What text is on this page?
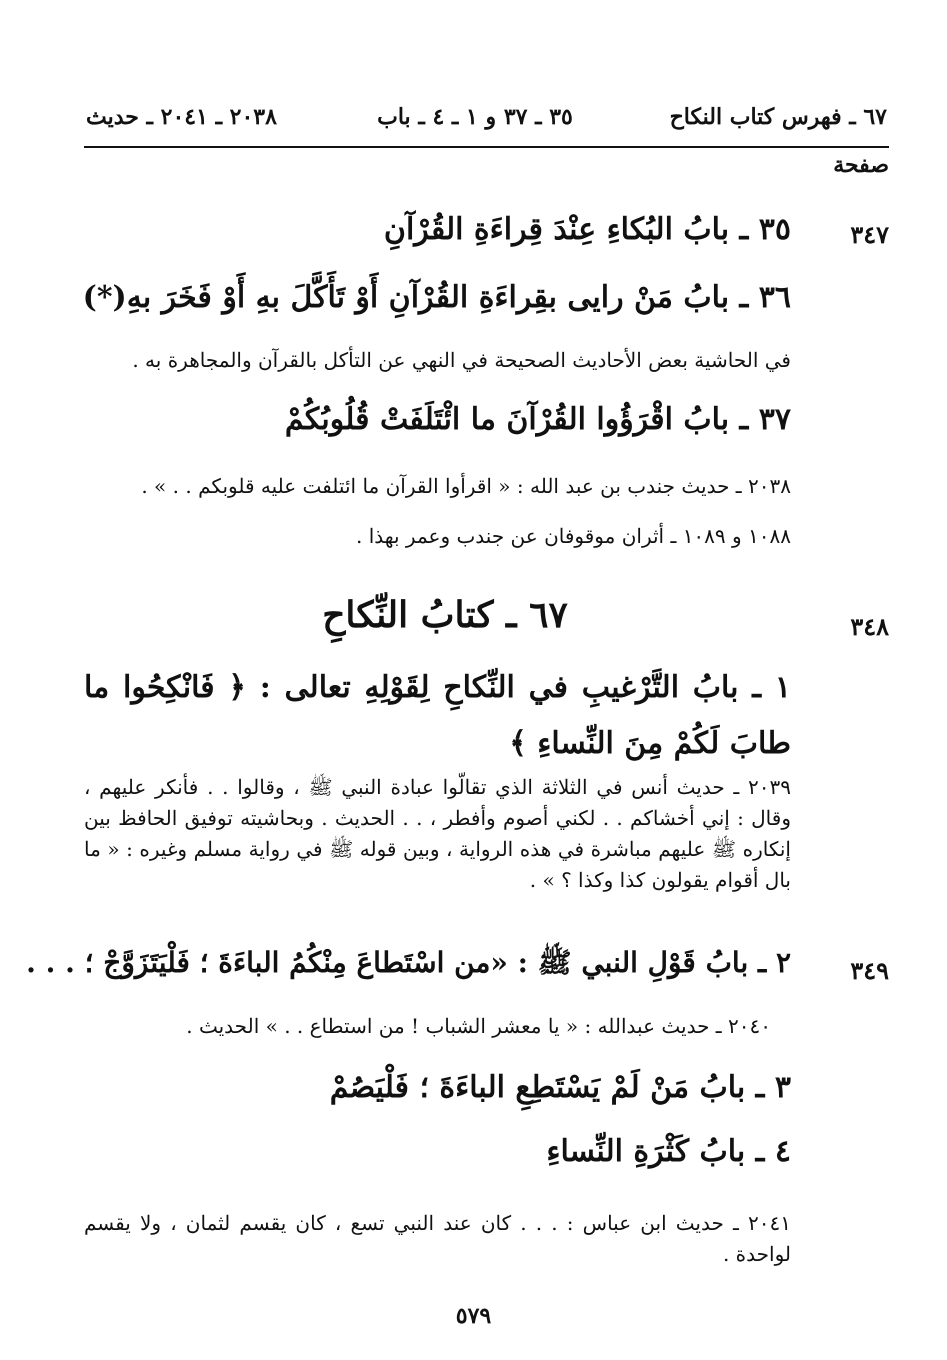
٦٧ ـ فهرس كتاب النكاح
٣٥ ـ ٣٧ و ١ ـ ٤ ـ باب
٢٠٣٨ ـ ٢٠٤١ ـ حديث
صفحة
٣٤٧
٣٥ ـ بابُ البُكاءِ عِنْدَ قِراءَةِ القُرْآنِ
٣٦ ـ بابُ مَنْ رايى بقِراءَةِ القُرْآنِ أَوْ تَأَكَّلَ بهِ أَوْ فَخَرَ بهِ(*)
في الحاشية بعض الأحاديث الصحيحة في النهي عن التأكل بالقرآن والمجاهرة به .
٣٧ ـ بابُ اقْرَؤُوا القُرْآنَ ما ائْتَلَفَتْ قُلُوبُكُمْ
٢٠٣٨ ـ حديث جندب بن عبد الله : « اقرأوا القرآن ما ائتلفت عليه قلوبكم . . » .
١٠٨٨ و ١٠٨٩ ـ أثران موقوفان عن جندب وعمر بهذا .
٣٤٨
٦٧ ـ كتابُ النِّكاحِ
١ ـ بابُ التَّرْغيبِ في النِّكاحِ لِقَوْلِهِ تعالى : ﴿ فَانْكِحُوا ما طابَ لَكُمْ مِنَ النِّساءِ ﴾
٢٠٣٩ ـ حديث أنس في الثلاثة الذي تقالّوا عبادة النبي ﷺ ، وقالوا . . فأنكر عليهم ، وقال : إني أخشاكم . . لكني أصوم وأفطر ، . . الحديث . وبحاشيته توفيق الحافظ بين إنكاره ﷺ عليهم مباشرة في هذه الرواية ، وبين قوله ﷺ في رواية مسلم وغيره : « ما بال أقوام يقولون كذا وكذا ؟ » .
٣٤٩
٢ ـ بابُ قَوْلِ النبي ﷺ : «من اسْتَطاعَ مِنْكُمُ الباءَةَ ؛ فَلْيَتَزَوَّجْ ؛ . . .
٢٠٤٠ ـ حديث عبدالله : « يا معشر الشباب ! من استطاع . . » الحديث .
٣ ـ بابُ مَنْ لَمْ يَسْتَطِعِ الباءَةَ ؛ فَلْيَصُمْ
٤ ـ بابُ كَثْرَةِ النِّساءِ
٢٠٤١ ـ حديث ابن عباس : . . . كان عند النبي تسع ، كان يقسم لثمان ، ولا يقسم لواحدة .
٥٧٩
